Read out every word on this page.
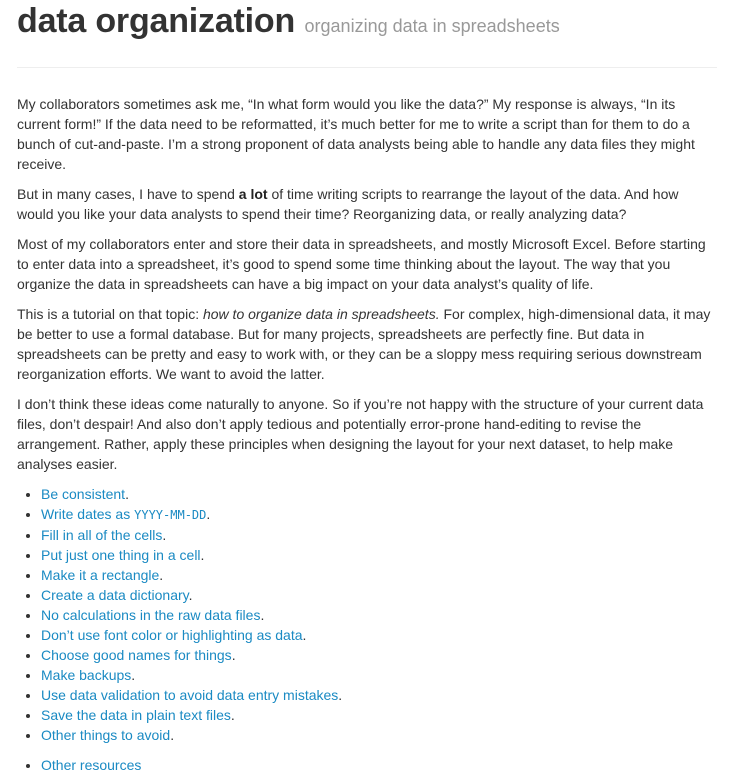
data organization organizing data in spreadsheets

My collaborators sometimes ask me, “In what form would you like the data?” My response is always, “In its current form!” If the data need to be reformatted, it’s much better for me to write a script than for them to do a bunch of cut-and-paste. I’m a strong proponent of data analysts being able to handle any data files they might receive.

But in many cases, I have to spend a lot of time writing scripts to rearrange the layout of the data. And how would you like your data analysts to spend their time? Reorganizing data, or really analyzing data?

Most of my collaborators enter and store their data in spreadsheets, and mostly Microsoft Excel. Before starting to enter data into a spreadsheet, it’s good to spend some time thinking about the layout. The way that you organize the data in spreadsheets can have a big impact on your data analyst’s quality of life.

This is a tutorial on that topic: how to organize data in spreadsheets. For complex, high-dimensional data, it may be better to use a formal database. But for many projects, spreadsheets are perfectly fine. But data in spreadsheets can be pretty and easy to work with, or they can be a sloppy mess requiring serious downstream reorganization efforts. We want to avoid the latter.

I don’t think these ideas come naturally to anyone. So if you’re not happy with the structure of your current data files, don’t despair! And also don’t apply tedious and potentially error-prone hand-editing to revise the arrangement. Rather, apply these principles when designing the layout for your next dataset, to help make analyses easier.

• Be consistent.
• Write dates as YYYY-MM-DD.
• Fill in all of the cells.
• Put just one thing in a cell.
• Make it a rectangle.
• Create a data dictionary.
• No calculations in the raw data files.
• Don’t use font color or highlighting as data.
• Choose good names for things.
• Make backups.
• Use data validation to avoid data entry mistakes.
• Save the data in plain text files.
• Other things to avoid.
• Other resources
